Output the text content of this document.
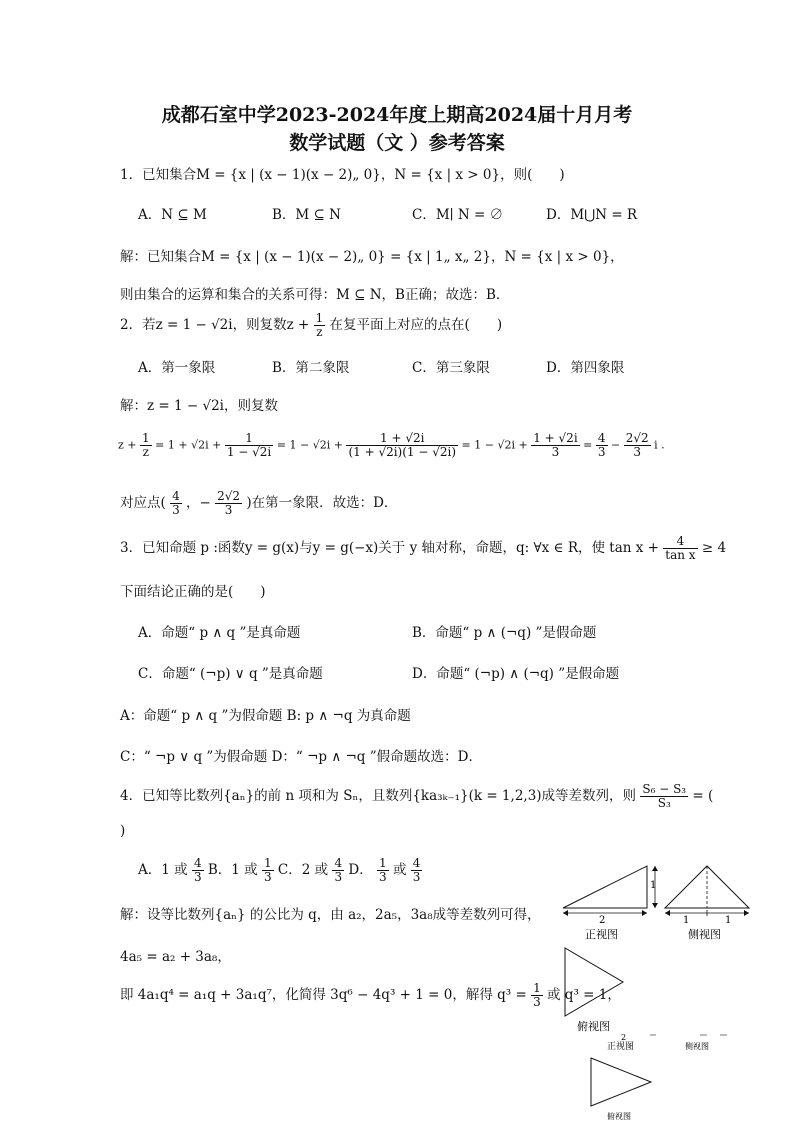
成都石室中学2023-2024年度上期高2024届十月月考
数学试题（文 ）参考答案
1．已知集合M = {x | (x − 1)(x − 2)„ 0}，N = {x | x > 0}，则(　　)
A．N ⊆ M	B．M ⊆ N	C．M∣ N = ∅	D．M⋃N = R
解：已知集合M = {x | (x − 1)(x − 2)„ 0} = {x | 1„ x„ 2}，N = {x | x > 0}，
则由集合的运算和集合的关系可得：M ⊆ N，B正确；故选：B．
2．若z = 1 − √2i，则复数$z + \frac{1}{z}$ 在复平面上对应的点在(　　)
A．第一象限	B．第二象限	C．第三象限	D．第四象限
解：z = 1 − √2i，则复数
$z + \frac{1}{z} = 1 + √2i + \frac{1}{1 - √2i} = 1 - √2i + \frac{1 + √2i}{(1 + √2i)(1 - √2i)} = 1 - √2i + \frac{1 + √2i}{3} = \frac{4}{3} - \frac{2√2}{3}$ i .
对应点( $\frac{4}{3}$ ，− $\frac{2√2}{3}$ )在第一象限．故选：D．
3．已知命题 p :函数y = g(x)与y = g(−x)关于 y 轴对称，命题，q: ∀x ∈ R，使 $\tan x + \frac{4}{\text{tan x}} \ge 4$
下面结论正确的是(　　)
A．命题“ p ∧ q ”是真命题	B．命题“ p ∧ (¬q) ”是假命题
C．命题“ (¬p) ∨ q ”是真命题	D．命题“ (¬p) ∧ (¬q) ”是假命题
A：命题“ p ∧ q ”为假命题 B: p ∧ ¬q 为真命题
C：“ ¬p ∨ q ”为假命题 D：“ ¬p ∧ ¬q ”假命题故选：D．
4．已知等比数列{aₙ}的前 n 项和为 Sₙ，且数列{ka₃ₖ₋₁}(k = 1,2,3)成等差数列，则 $\frac{\text{S₆ − S₃}}{\text{S₃}}$ = (
)
A．1 或 $\frac{4}{3}$ B．1 或 $\frac{1}{3}$ C．2 或 $\frac{4}{3}$ D． $\frac{1}{3}$ 或 $\frac{4}{3}$
解：设等比数列{aₙ} 的公比为 q，由 a₂，2a₅，3a₈成等差数列可得，
4a₅ = a₂ + 3a₈，
即 4a₁q⁴ = a₁q + 3a₁q⁷，化简得 3q⁶ − 4q³ + 1 = 0，解得 $q^3 = \frac{1}{3}$ 或 q³ = 1，
1
2
正视图
1	1
侧视图
俯视图
2
正视图	侧视图
俯视图
